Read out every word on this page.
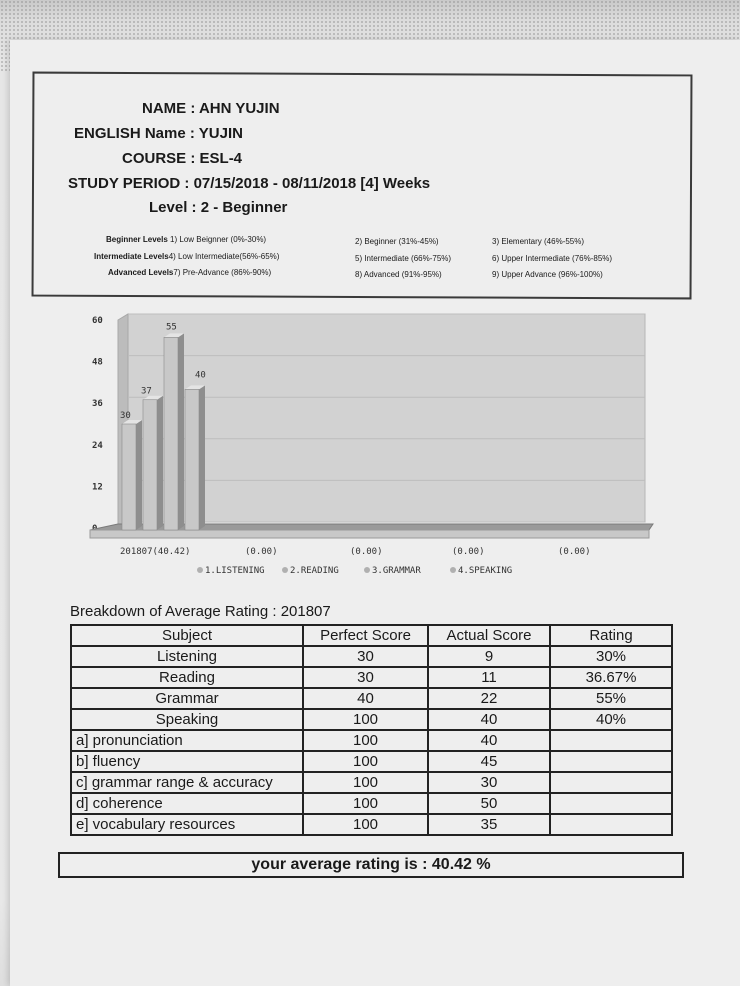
NAME : AHN YUJIN
ENGLISH Name : YUJIN
COURSE : ESL-4
STUDY PERIOD : 07/15/2018 - 08/11/2018 [4] Weeks
Level : 2 - Beginner
Beginner Levels 1) Low Beignner (0%-30%)	2) Beginner (31%-45%)	3) Elementary (46%-55%)
Intermediate Levels4) Low Intermediate(56%-65%)	5) Intermediate (66%-75%)	6) Upper Intermediate (76%-85%)
Advanced Levels7) Pre-Advance (86%-90%)	8) Advanced (91%-95%)	9) Upper Advance (96%-100%)
12
24
36
48
60
30
37
55
40
201807(40.42)	(0.00)	(0.00)	(0.00)	(0.00)
1.LISTENING	2.READING	3.GRAMMAR	4.SPEAKING
Breakdown of Average Rating : 201807
Subject	Perfect Score	Actual Score	Rating
Listening	30	9	30%
Reading	30	11	36.67%
Grammar	40	22	55%
Speaking	100	40	40%
a] pronunciation	100	40	
b] fluency	100	45	
c] grammar range & accuracy	100	30	
d] coherence	100	50	
e] vocabulary resources	100	35	
your average rating is : 40.42 %
